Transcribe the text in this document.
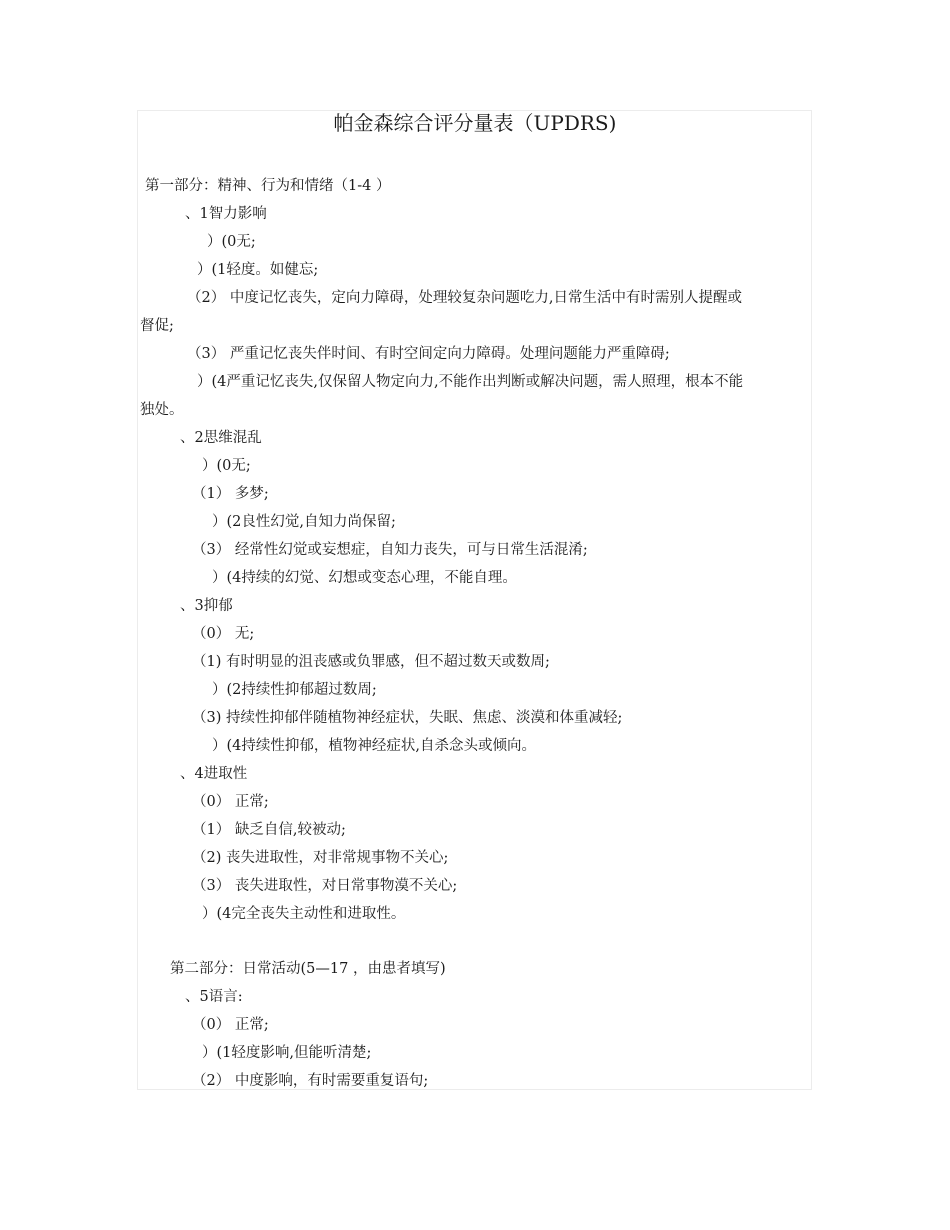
帕金森综合评分量表（UPDRS)
第一部分：精神、行为和情绪（1-4 ）
、1智力影响
）(0无;
）(1轻度。如健忘;
（2） 中度记忆丧失，定向力障碍，处理较复杂问题吃力,日常生活中有时需别人提醒或
督促;
（3） 严重记忆丧失伴时间、有时空间定向力障碍。处理问题能力严重障碍;
）(4严重记忆丧失,仅保留人物定向力,不能作出判断或解决问题，需人照理，根本不能
独处。
、2思维混乱
）(0无;
（1） 多梦;
）(2良性幻觉,自知力尚保留;
（3） 经常性幻觉或妄想症，自知力丧失，可与日常生活混淆;
）(4持续的幻觉、幻想或变态心理，不能自理。
、3抑郁
（0） 无;
（1) 有时明显的沮丧感或负罪感，但不超过数天或数周;
）(2持续性抑郁超过数周;
（3) 持续性抑郁伴随植物神经症状，失眠、焦虑、淡漠和体重减轻;
）(4持续性抑郁，植物神经症状,自杀念头或倾向。
、4进取性
（0） 正常;
（1） 缺乏自信,较被动;
（2) 丧失进取性，对非常规事物不关心;
（3） 丧失进取性，对日常事物漠不关心;
）(4完全丧失主动性和进取性。
第二部分：日常活动(5—17 ，由患者填写)
、5语言:
（0） 正常;
）(1轻度影响,但能听清楚;
（2） 中度影响，有时需要重复语句;
